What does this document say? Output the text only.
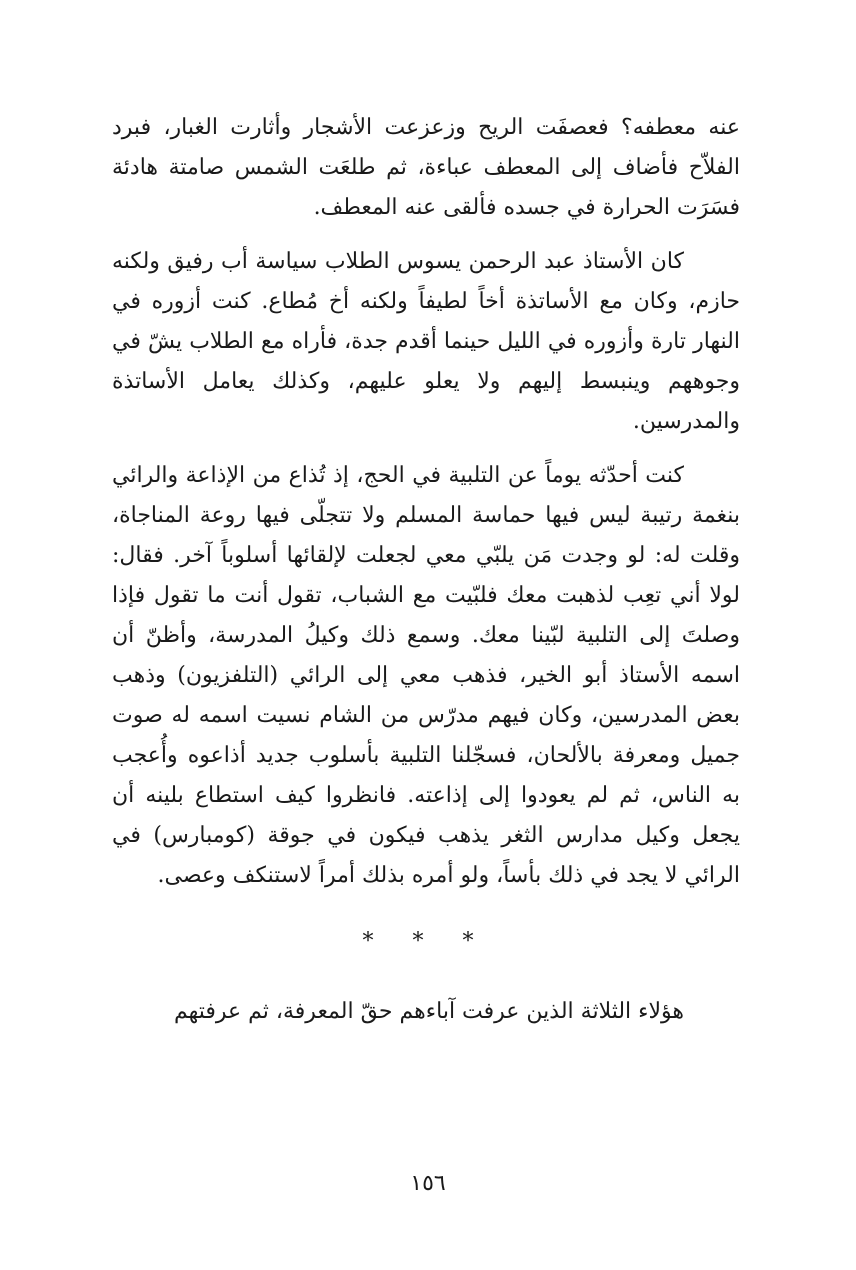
عنه معطفه؟ فعصفَت الريح وزعزعت الأشجار وأثارت الغبار، فبرد الفلاّح فأضاف إلى المعطف عباءة، ثم طلعَت الشمس صامتة هادئة فسَرَت الحرارة في جسده فألقى عنه المعطف.

كان الأستاذ عبد الرحمن يسوس الطلاب سياسة أب رفيق ولكنه حازم، وكان مع الأساتذة أخاً لطيفاً ولكنه أخ مُطاع. كنت أزوره في النهار تارة وأزوره في الليل حينما أقدم جدة، فأراه مع الطلاب يشّ في وجوههم وينبسط إليهم ولا يعلو عليهم، وكذلك يعامل الأساتذة والمدرسين.

كنت أحدّثه يوماً عن التلبية في الحج، إذ تُذاع من الإذاعة والرائي بنغمة رتيبة ليس فيها حماسة المسلم ولا تتجلّى فيها روعة المناجاة، وقلت له: لو وجدت مَن يلبّي معي لجعلت لإلقائها أسلوباً آخر. فقال: لولا أني تعِب لذهبت معك فلبّيت مع الشباب، تقول أنت ما تقول فإذا وصلتَ إلى التلبية لبّينا معك. وسمع ذلك وكيلُ المدرسة، وأظنّ أن اسمه الأستاذ أبو الخير، فذهب معي إلى الرائي (التلفزيون) وذهب بعض المدرسين، وكان فيهم مدرّس من الشام نسيت اسمه له صوت جميل ومعرفة بالألحان، فسجّلنا التلبية بأسلوب جديد أذاعوه وأُعجب به الناس، ثم لم يعودوا إلى إذاعته. فانظروا كيف استطاع بلينه أن يجعل وكيل مدارس الثغر يذهب فيكون في جوقة (كومبارس) في الرائي لا يجد في ذلك بأساً، ولو أمره بذلك أمراً لاستنكف وعصى.

* * *

هؤلاء الثلاثة الذين عرفت آباءهم حقّ المعرفة، ثم عرفتهم

١٥٦
